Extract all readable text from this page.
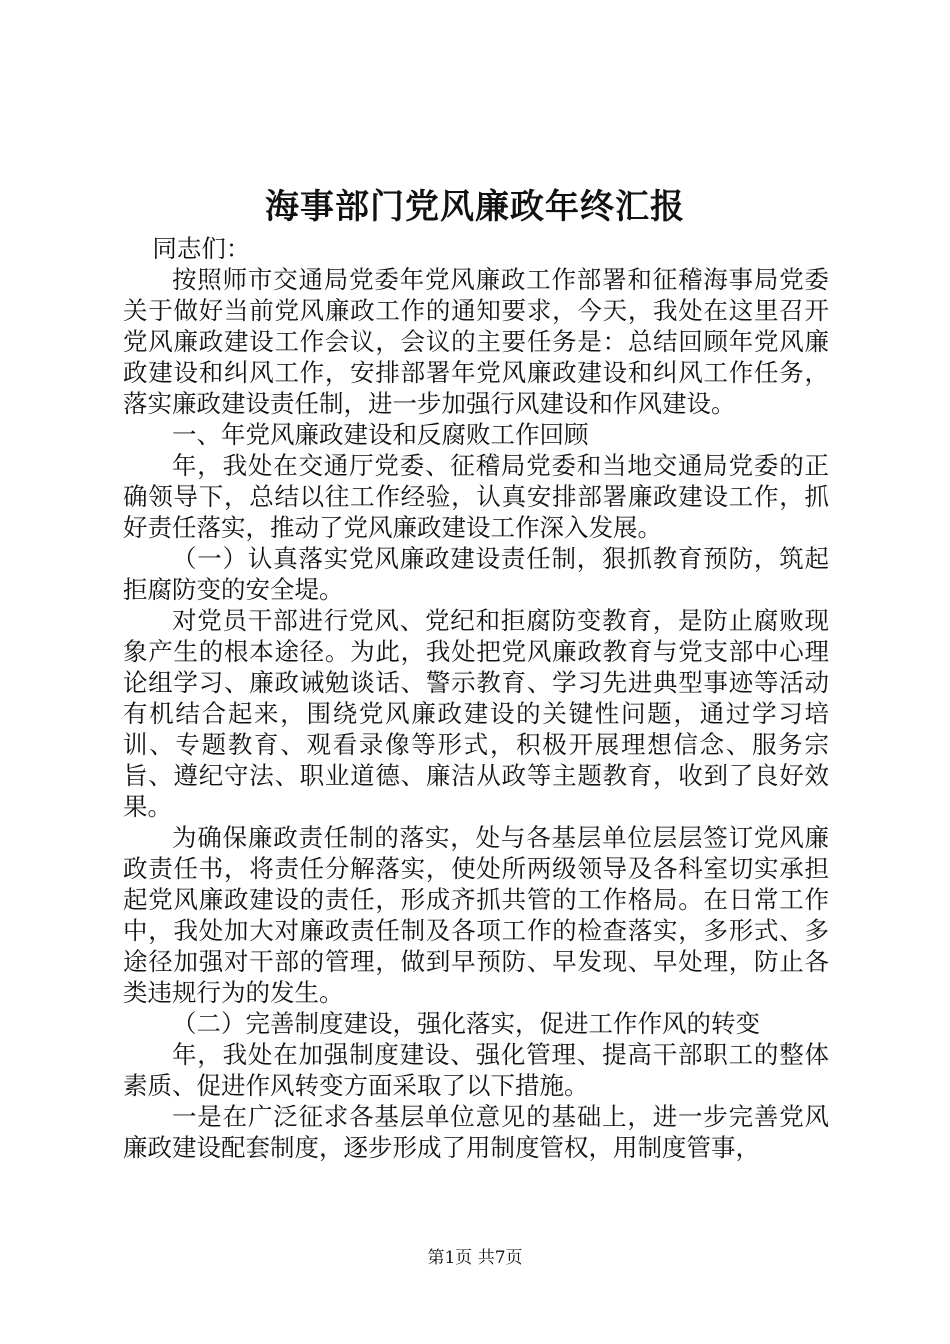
海事部门党风廉政年终汇报

同志们：

按照师市交通局党委年党风廉政工作部署和征稽海事局党委关于做好当前党风廉政工作的通知要求，今天，我处在这里召开党风廉政建设工作会议，会议的主要任务是：总结回顾年党风廉政建设和纠风工作，安排部署年党风廉政建设和纠风工作任务，落实廉政建设责任制，进一步加强行风建设和作风建设。

一、年党风廉政建设和反腐败工作回顾

年，我处在交通厅党委、征稽局党委和当地交通局党委的正确领导下，总结以往工作经验，认真安排部署廉政建设工作，抓好责任落实，推动了党风廉政建设工作深入发展。

（一）认真落实党风廉政建设责任制，狠抓教育预防，筑起拒腐防变的安全堤。

对党员干部进行党风、党纪和拒腐防变教育，是防止腐败现象产生的根本途径。为此，我处把党风廉政教育与党支部中心理论组学习、廉政诫勉谈话、警示教育、学习先进典型事迹等活动有机结合起来，围绕党风廉政建设的关键性问题，通过学习培训、专题教育、观看录像等形式，积极开展理想信念、服务宗旨、遵纪守法、职业道德、廉洁从政等主题教育，收到了良好效果。

为确保廉政责任制的落实，处与各基层单位层层签订党风廉政责任书，将责任分解落实，使处所两级领导及各科室切实承担起党风廉政建设的责任，形成齐抓共管的工作格局。在日常工作中，我处加大对廉政责任制及各项工作的检查落实，多形式、多途径加强对干部的管理，做到早预防、早发现、早处理，防止各类违规行为的发生。

（二）完善制度建设，强化落实，促进工作作风的转变

年，我处在加强制度建设、强化管理、提高干部职工的整体素质、促进作风转变方面采取了以下措施。

一是在广泛征求各基层单位意见的基础上，进一步完善党风廉政建设配套制度，逐步形成了用制度管权，用制度管事，

第1页 共7页
